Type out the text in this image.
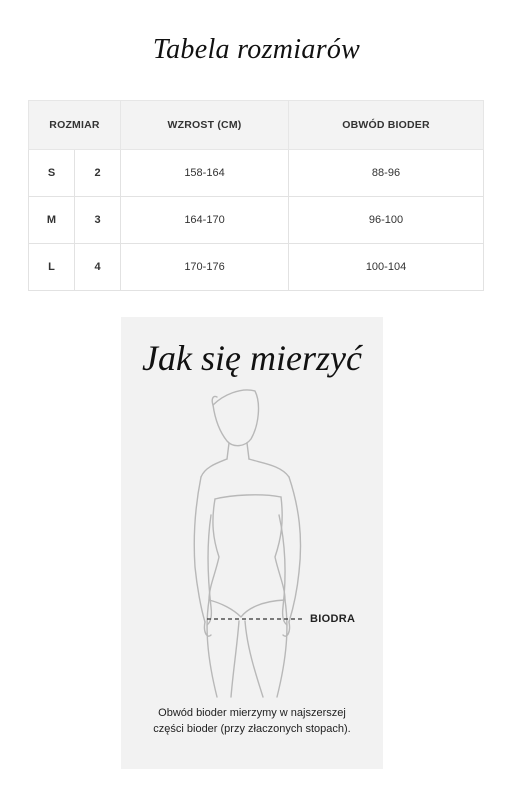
Tabela rozmiarów
ROZMIAR		WZROST (CM)	OBWÓD BIODER
S	2	158-164	88-96
M	3	164-170	96-100
L	4	170-176	100-104
Jak się mierzyć
BIODRA
Obwód bioder mierzymy w najszerszej
części bioder (przy złaczonych stopach).
